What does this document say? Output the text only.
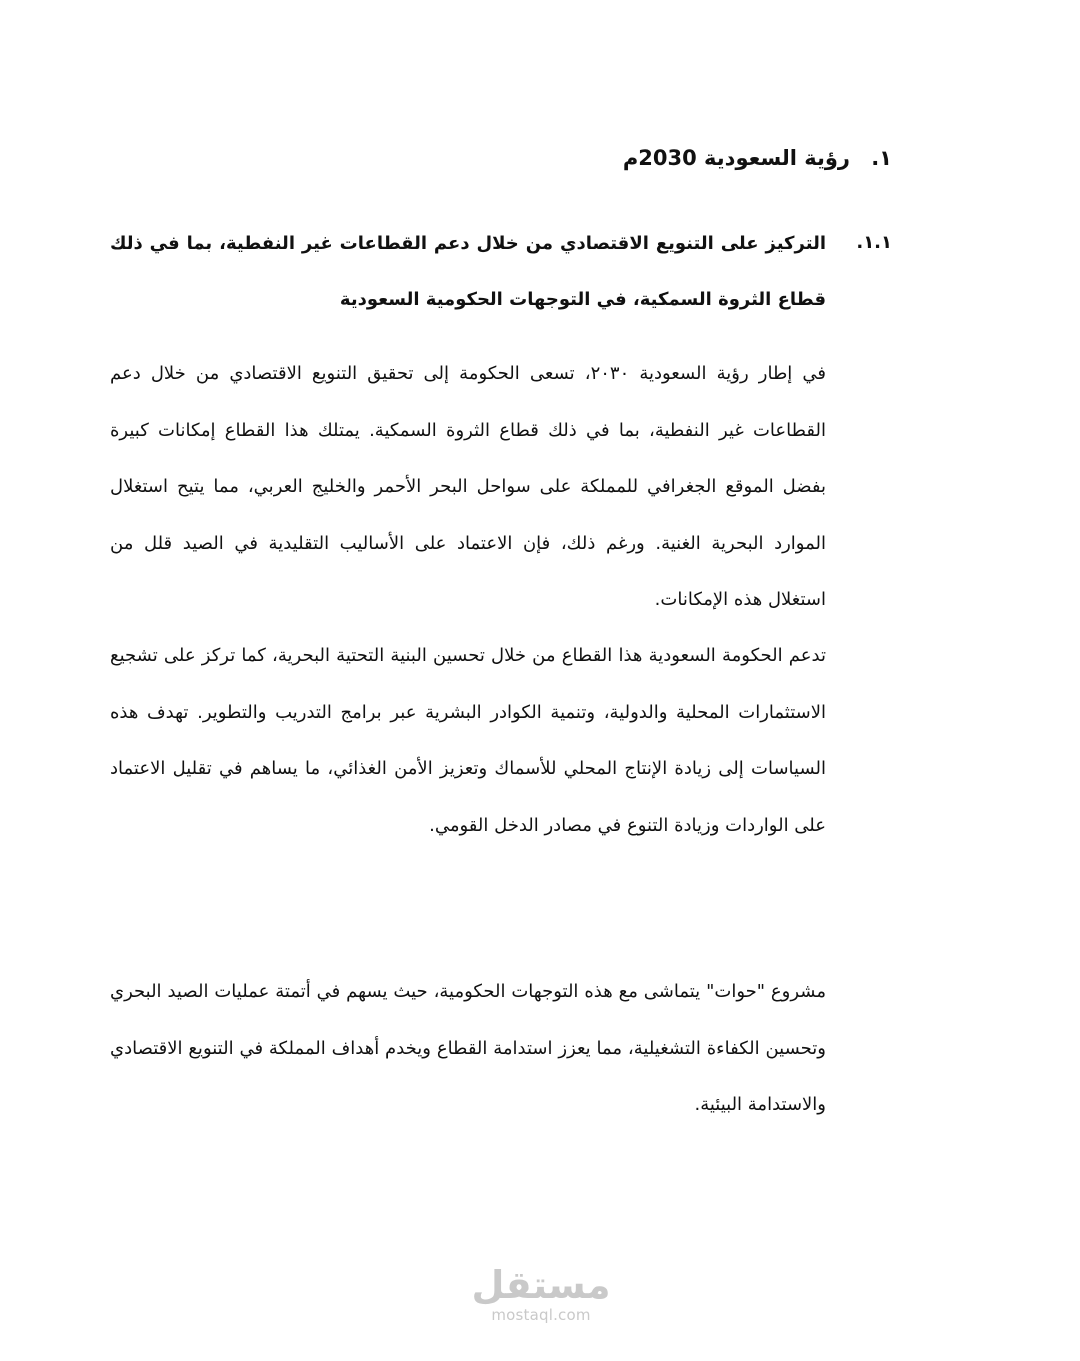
١.
رؤية السعودية 2030م
١.١.
التركيز على التنويع الاقتصادي من خلال دعم القطاعات غير النفطية، بما في ذلك قطاع الثروة السمكية، في التوجهات الحكومية السعودية

في إطار رؤية السعودية ٢٠٣٠، تسعى الحكومة إلى تحقيق التنويع الاقتصادي من خلال دعم القطاعات غير النفطية، بما في ذلك قطاع الثروة السمكية. يمتلك هذا القطاع إمكانات كبيرة بفضل الموقع الجغرافي للمملكة على سواحل البحر الأحمر والخليج العربي، مما يتيح استغلال الموارد البحرية الغنية. ورغم ذلك، فإن الاعتماد على الأساليب التقليدية في الصيد قلل من استغلال هذه الإمكانات.

تدعم الحكومة السعودية هذا القطاع من خلال تحسين البنية التحتية البحرية، كما تركز على تشجيع الاستثمارات المحلية والدولية، وتنمية الكوادر البشرية عبر برامج التدريب والتطوير. تهدف هذه السياسات إلى زيادة الإنتاج المحلي للأسماك وتعزيز الأمن الغذائي، ما يساهم في تقليل الاعتماد على الواردات وزيادة التنوع في مصادر الدخل القومي.

مشروع "حوات" يتماشى مع هذه التوجهات الحكومية، حيث يسهم في أتمتة عمليات الصيد البحري وتحسين الكفاءة التشغيلية، مما يعزز استدامة القطاع ويخدم أهداف المملكة في التنويع الاقتصادي والاستدامة البيئية.

مستقل
mostaql.com
